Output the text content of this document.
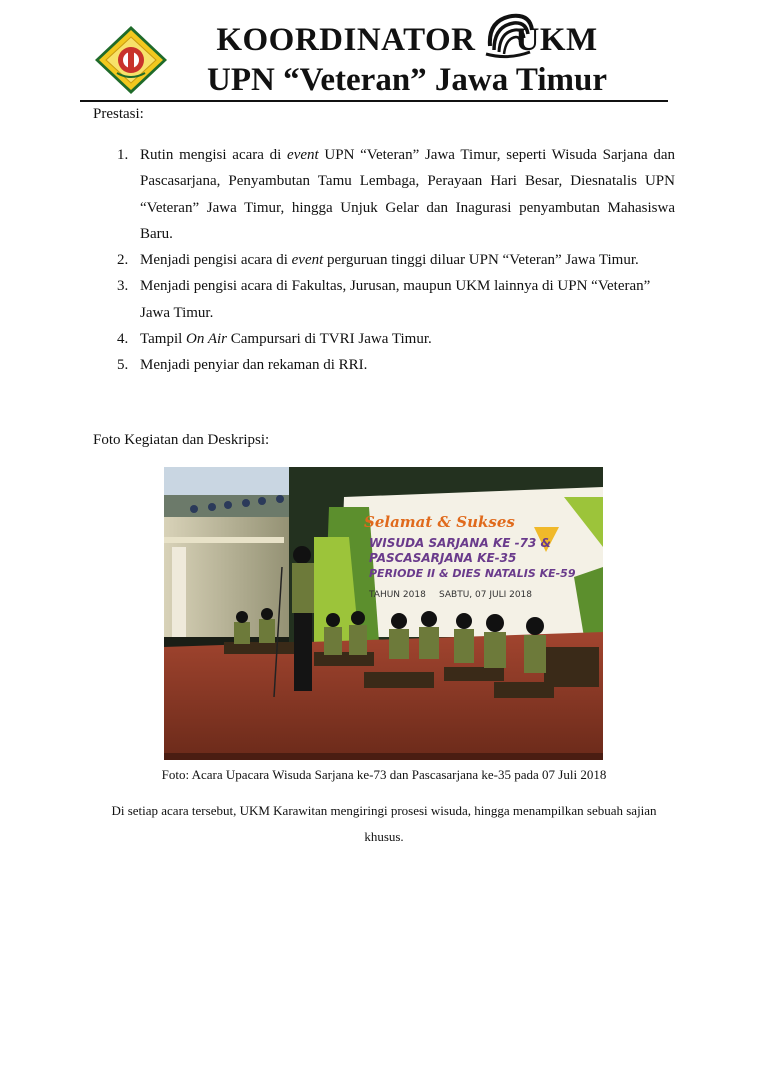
KOORDINATOR UKM
UPN “Veteran” Jawa Timur
Prestasi:
1. Rutin mengisi acara di event UPN “Veteran” Jawa Timur, seperti Wisuda Sarjana dan Pascasarjana, Penyambutan Tamu Lembaga, Perayaan Hari Besar, Diesnatalis UPN “Veteran” Jawa Timur, hingga Unjuk Gelar dan Inagurasi penyambutan Mahasiswa Baru.
2. Menjadi pengisi acara di event perguruan tinggi diluar UPN “Veteran” Jawa Timur.
3. Menjadi pengisi acara di Fakultas, Jurusan, maupun UKM lainnya di UPN “Veteran” Jawa Timur.
4. Tampil On Air Campursari di TVRI Jawa Timur.
5. Menjadi penyiar dan rekaman di RRI.
Foto Kegiatan dan Deskripsi:
Selamat & Sukses
WISUDA SARJANA KE -73 &
PASCASARJANA KE-35
PERIODE II & DIES NATALIS KE-59
TAHUN 2018 SABTU, 07 JULI 2018
Foto: Acara Upacara Wisuda Sarjana ke-73 dan Pascasarjana ke-35 pada 07 Juli 2018
Di setiap acara tersebut, UKM Karawitan mengiringi prosesi wisuda, hingga menampilkan sebuah sajian khusus.
